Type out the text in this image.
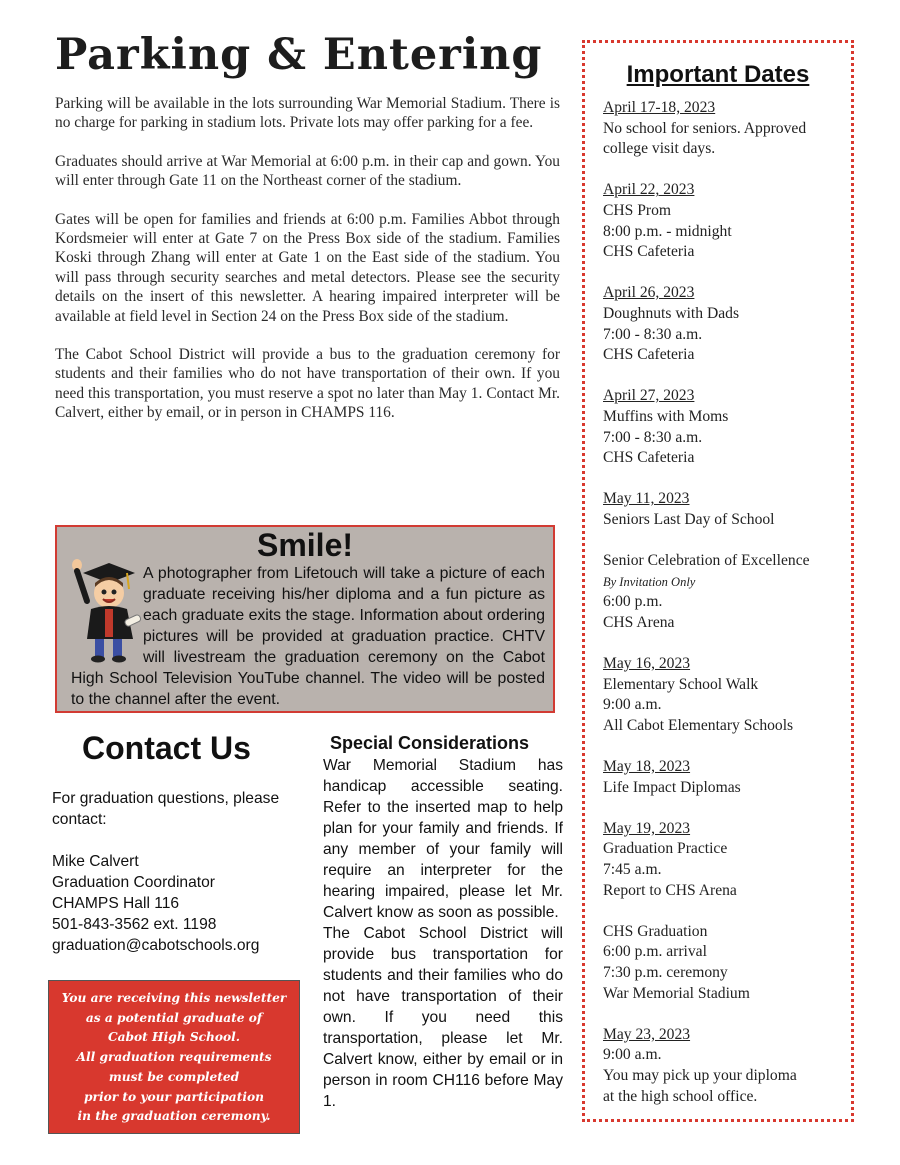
Parking & Entering

Parking will be available in the lots surrounding War Memorial Stadium. There is no charge for parking in stadium lots. Private lots may offer parking for a fee.

Graduates should arrive at War Memorial at 6:00 p.m. in their cap and gown. You will enter through Gate 11 on the Northeast corner of the stadium.

Gates will be open for families and friends at 6:00 p.m. Families Abbot through Kordsmeier will enter at Gate 7 on the Press Box side of the stadium. Families Koski through Zhang will enter at Gate 1 on the East side of the stadium. You will pass through security searches and metal detectors. Please see the security details on the insert of this newsletter. A hearing impaired interpreter will be available at field level in Section 24 on the Press Box side of the stadium.

The Cabot School District will provide a bus to the graduation ceremony for students and their families who do not have transportation of their own. If you need this transportation, you must reserve a spot no later than May 1. Contact Mr. Calvert, either by email, or in person in CHAMPS 116.

Smile!

A photographer from Lifetouch will take a picture of each graduate receiving his/her diploma and a fun picture as each graduate exits the stage. Information about ordering pictures will be provided at graduation practice. CHTV will livestream the graduation ceremony on the Cabot High School Television YouTube channel. The video will be posted to the channel after the event.

Contact Us

For graduation questions, please contact:

Mike Calvert
Graduation Coordinator
CHAMPS Hall 116
501-843-3562 ext. 1198
graduation@cabotschools.org
You are receiving this newsletter
as a potential graduate of
Cabot High School.
All graduation requirements
must be completed
prior to your participation
in the graduation ceremony.
Special Considerations

War Memorial Stadium has handicap accessible seating. Refer to the inserted map to help plan for your family and friends. If any member of your family will require an interpreter for the hearing impaired, please let Mr. Calvert know as soon as possible.

The Cabot School District will provide bus transportation for students and their families who do not have transportation of their own. If you need this transportation, please let Mr. Calvert know, either by email or in person in room CH116 before May 1.

Important Dates
April 17-18, 2023
No school for seniors. Approved
college visit days.
April 22, 2023
CHS Prom
8:00 p.m. - midnight
CHS Cafeteria
April 26, 2023
Doughnuts with Dads
7:00 - 8:30 a.m.
CHS Cafeteria
April 27, 2023
Muffins with Moms
7:00 - 8:30 a.m.
CHS Cafeteria
May 11, 2023
Seniors Last Day of School
Senior Celebration of Excellence
By Invitation Only
6:00 p.m.
CHS Arena
May 16, 2023
Elementary School Walk
9:00 a.m.
All Cabot Elementary Schools
May 18, 2023
Life Impact Diplomas
May 19, 2023
Graduation Practice
7:45 a.m.
Report to CHS Arena
CHS Graduation
6:00 p.m. arrival
7:30 p.m. ceremony
War Memorial Stadium
May 23, 2023
9:00 a.m.
You may pick up your diploma
at the high school office.
